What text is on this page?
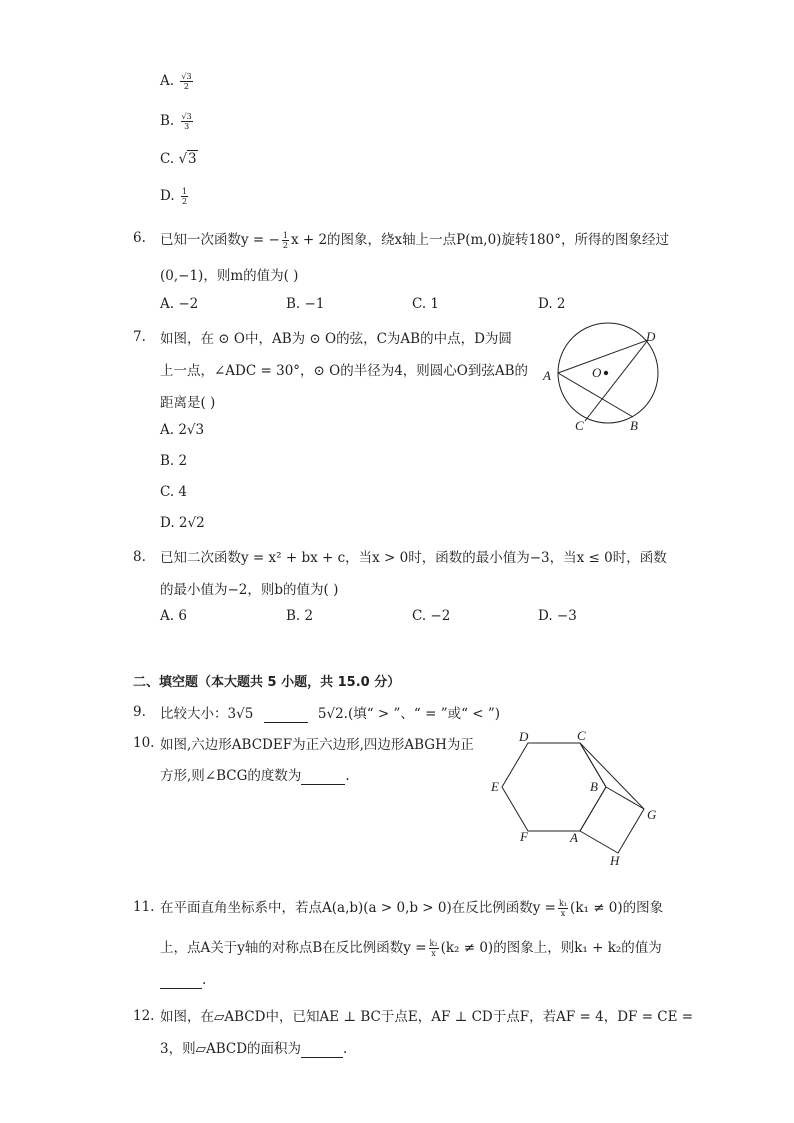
A. $\frac{√3}{2}$
B. $\frac{√3}{3}$
C. √3
D. $\frac{1}{2}$
6. 已知一次函数y = − $\frac{1}{2}$ x + 2的图象，绕x轴上一点P(m,0)旋转180°，所得的图象经过
(0,−1)，则m的值为( )
A. −2	B. −1	C. 1	D. 2
7. 如图，在 ⊙ O中，AB为 ⊙ O的弦，C为AB的中点，D为圆
上一点，∠ADC = 30°，⊙ O的半径为4，则圆心O到弦AB的
距离是( )
A. 2√3
B. 2
C. 4
D. 2√2
A
B
C
D
O
8. 已知二次函数y = x² + bx + c，当x > 0时，函数的最小值为−3，当x ≤ 0时，函数
的最小值为−2，则b的值为( )
A. 6	B. 2	C. −2	D. −3
二、填空题（本大题共 5 小题，共 15.0 分）
9. 比较大小：3√5	5√2.(填“ > ”、“ = ”或“ < ”)
10. 如图,六边形ABCDEF为正六边形,四边形ABGH为正
方形,则∠BCG的度数为	.
D	C
E	B
G
F	A
H
11. 在平面直角坐标系中，若点A(a,b)(a > 0,b > 0)在反比例函数$y = \frac{\text{k₁}}{x} (k_1 \ne 0)$的图象
上，点A关于y轴的对称点B在反比例函数$y = \frac{\text{k₂}}{x} (k_2 \ne 0)$的图象上，则k₁ + k₂的值为
.
12. 如图，在▱ABCD中，已知AE ⊥ BC于点E，AF ⊥ CD于点F，若AF = 4，DF = CE =
3，则▱ABCD的面积为	.
